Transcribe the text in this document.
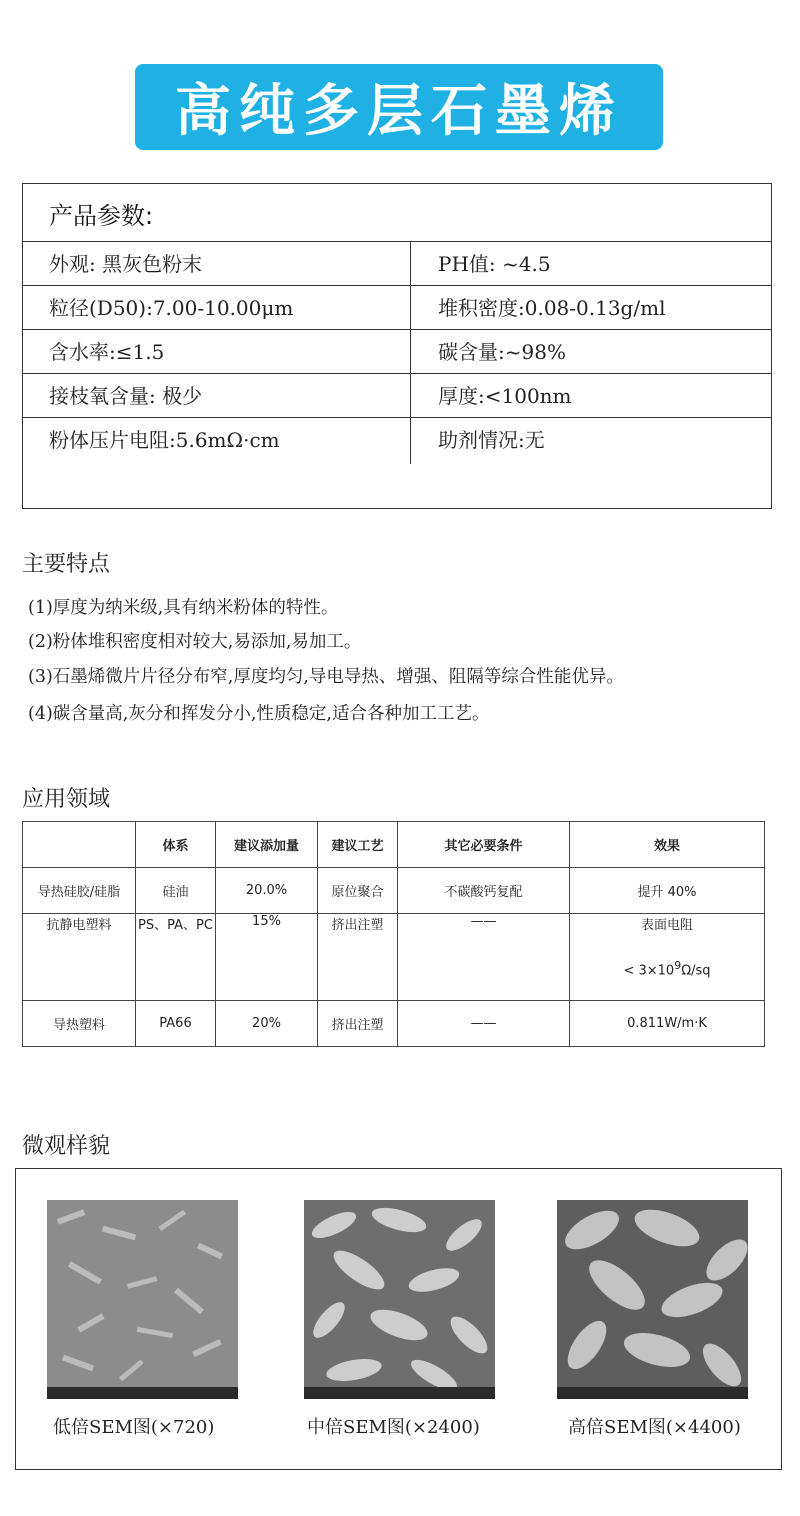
高纯多层石墨烯
产品参数:
外观: 黑灰色粉末	PH值: ~4.5
粒径(D50):7.00-10.00μm	堆积密度:0.08-0.13g/ml
含水率:≤1.5	碳含量:~98%
接枝氧含量: 极少	厚度:<100nm
粉体压片电阻:5.6mΩ·cm	助剂情况:无
主要特点
(1)厚度为纳米级,具有纳米粉体的特性。
(2)粉体堆积密度相对较大,易添加,易加工。
(3)石墨烯微片片径分布窄,厚度均匀,导电导热、增强、阻隔等综合性能优异。
(4)碳含量高,灰分和挥发分小,性质稳定,适合各种加工工艺。
应用领域
	体系	建议添加量	建议工艺	其它必要条件	效果
导热硅胶/硅脂	硅油	20.0%	原位聚合	不碳酸钙复配	提升 40%
抗静电塑料	PS、PA、PC	15%	挤出注塑	——	表面电阻
< $3\times 10^9\Omega/sq$

导热塑料	PA66	20%	挤出注塑	——	0.811W/m·K
微观样貌
低倍SEM图(×720)	中倍SEM图(×2400)	高倍SEM图(×4400)
